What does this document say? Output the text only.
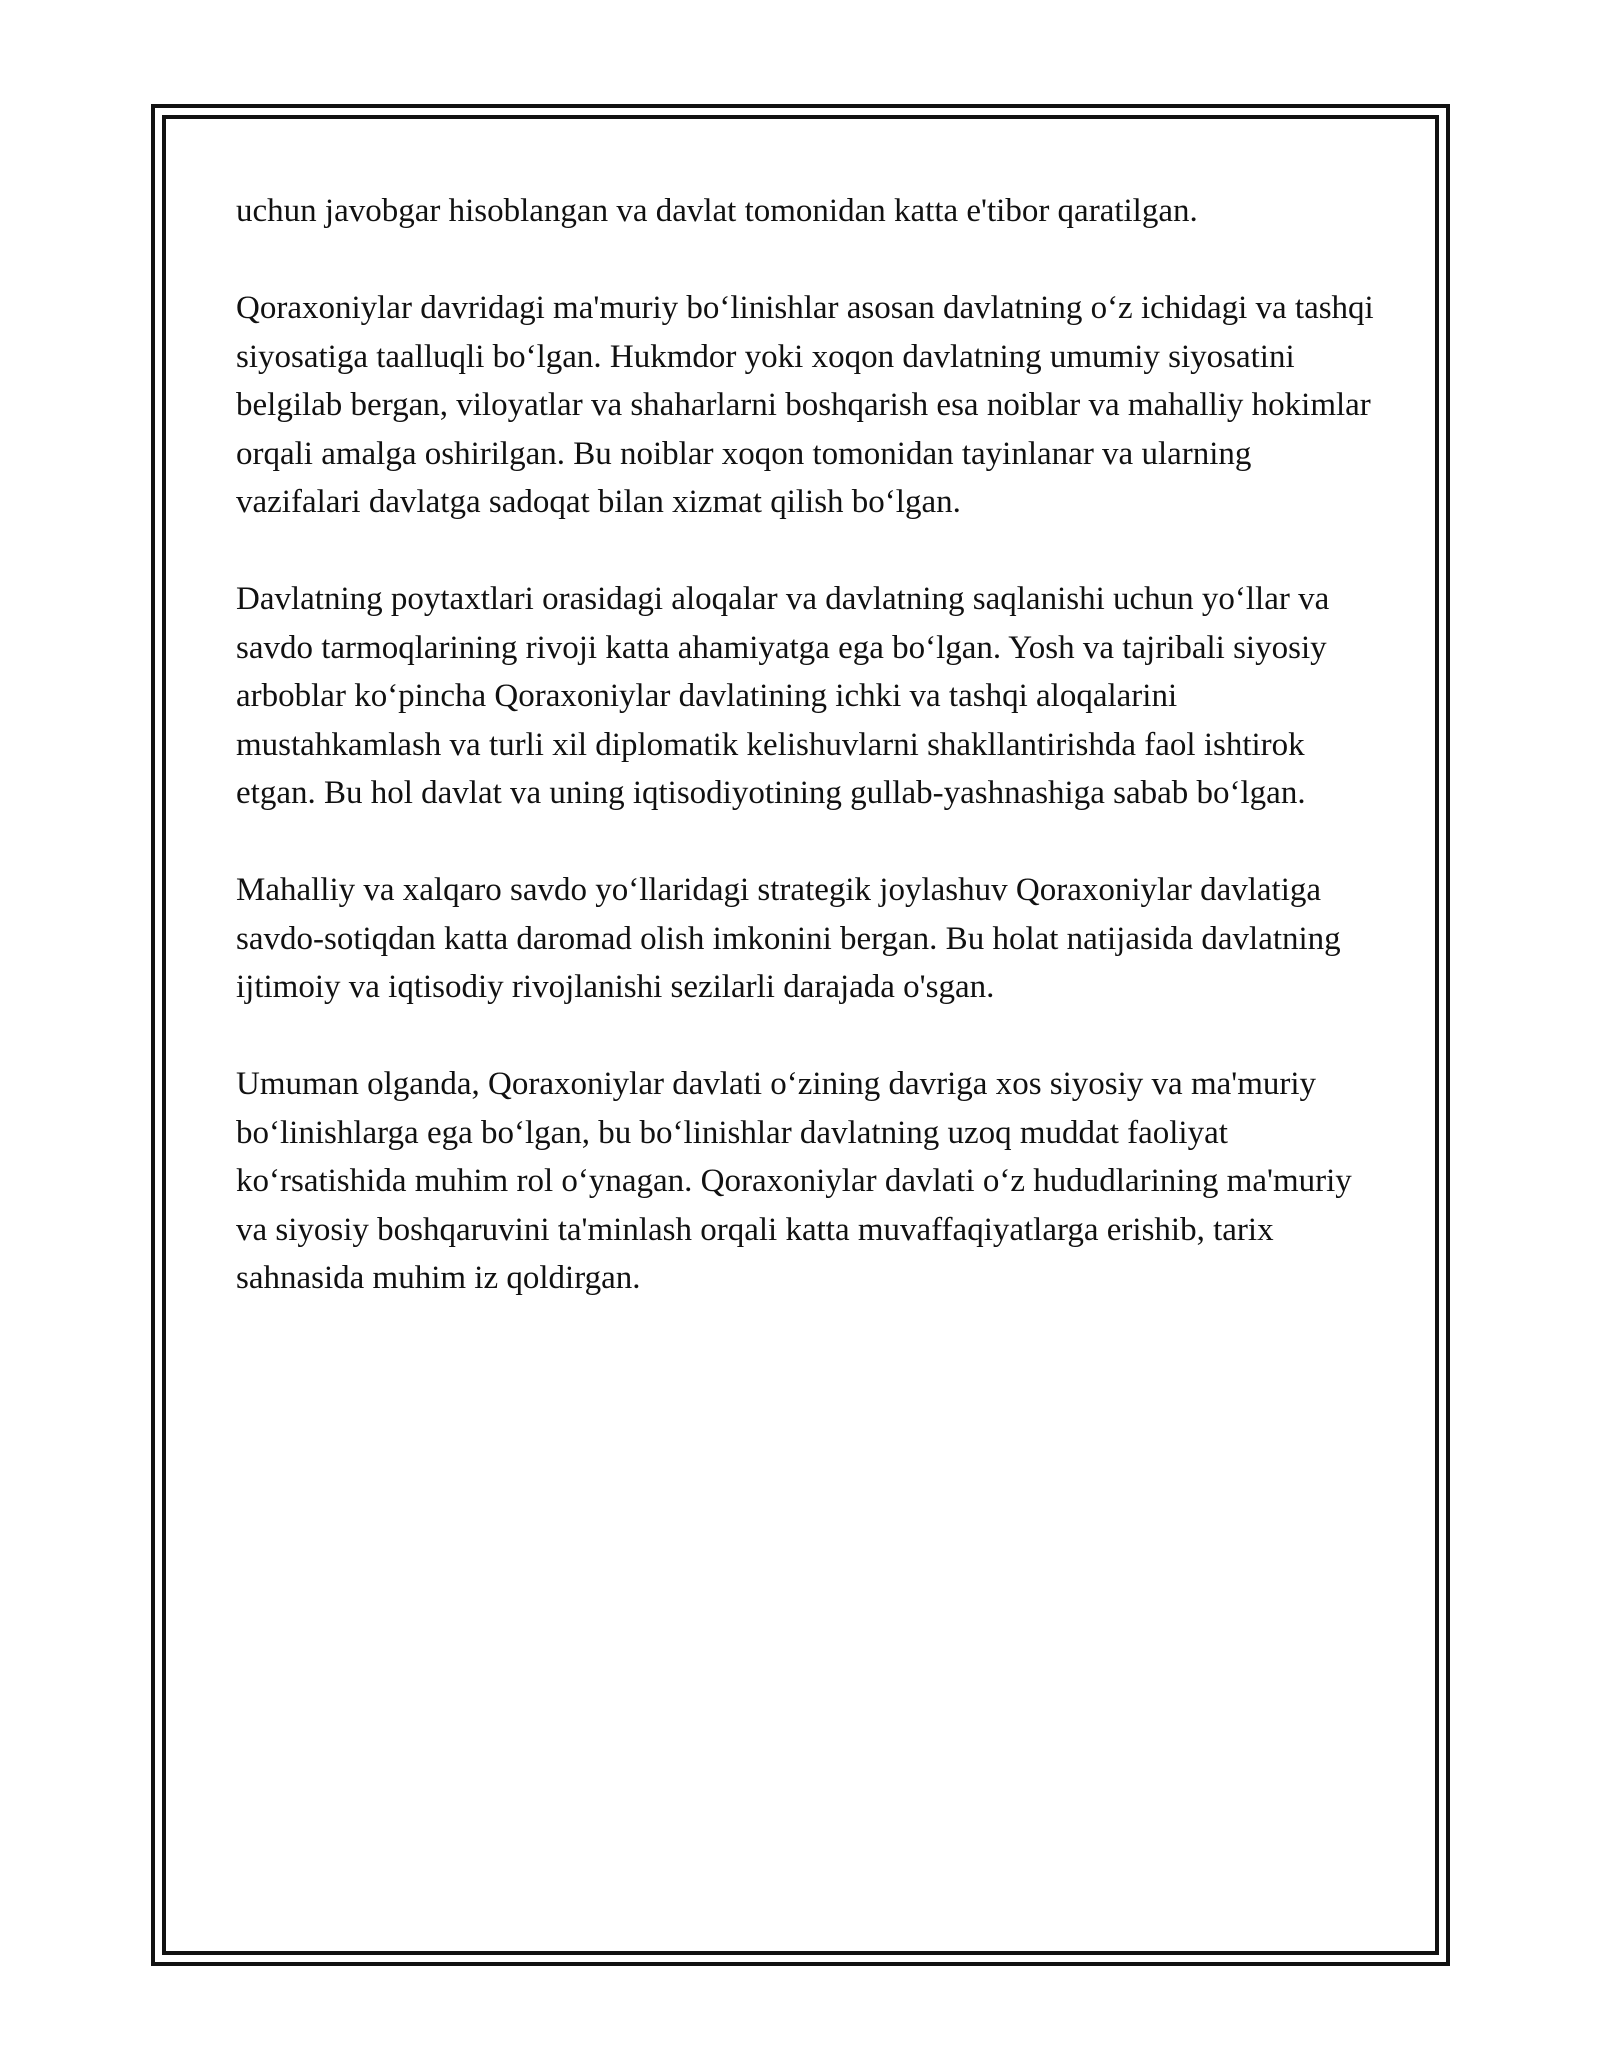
uchun javobgar hisoblangan va davlat tomonidan katta e'tibor qaratilgan.

Qoraxoniylar davridagi ma'muriy boʻlinishlar asosan davlatning oʻz ichidagi va tashqi siyosatiga taalluqli boʻlgan. Hukmdor yoki xoqon davlatning umumiy siyosatini belgilab bergan, viloyatlar va shaharlarni boshqarish esa noiblar va mahalliy hokimlar orqali amalga oshirilgan. Bu noiblar xoqon tomonidan tayinlanar va ularning vazifalari davlatga sadoqat bilan xizmat qilish boʻlgan.

Davlatning poytaxtlari orasidagi aloqalar va davlatning saqlanishi uchun yoʻllar va savdo tarmoqlarining rivoji katta ahamiyatga ega boʻlgan. Yosh va tajribali siyosiy arboblar koʻpincha Qoraxoniylar davlatining ichki va tashqi aloqalarini mustahkamlash va turli xil diplomatik kelishuvlarni shakllantirishda faol ishtirok etgan. Bu hol davlat va uning iqtisodiyotining gullab-yashnashiga sabab boʻlgan.

Mahalliy va xalqaro savdo yoʻllaridagi strategik joylashuv Qoraxoniylar davlatiga savdo-sotiqdan katta daromad olish imkonini bergan. Bu holat natijasida davlatning ijtimoiy va iqtisodiy rivojlanishi sezilarli darajada o'sgan.

Umuman olganda, Qoraxoniylar davlati oʻzining davriga xos siyosiy va ma'muriy boʻlinishlarga ega boʻlgan, bu boʻlinishlar davlatning uzoq muddat faoliyat koʻrsatishida muhim rol oʻynagan. Qoraxoniylar davlati oʻz hududlarining ma'muriy va siyosiy boshqaruvini ta'minlash orqali katta muvaffaqiyatlarga erishib, tarix sahnasida muhim iz qoldirgan.
